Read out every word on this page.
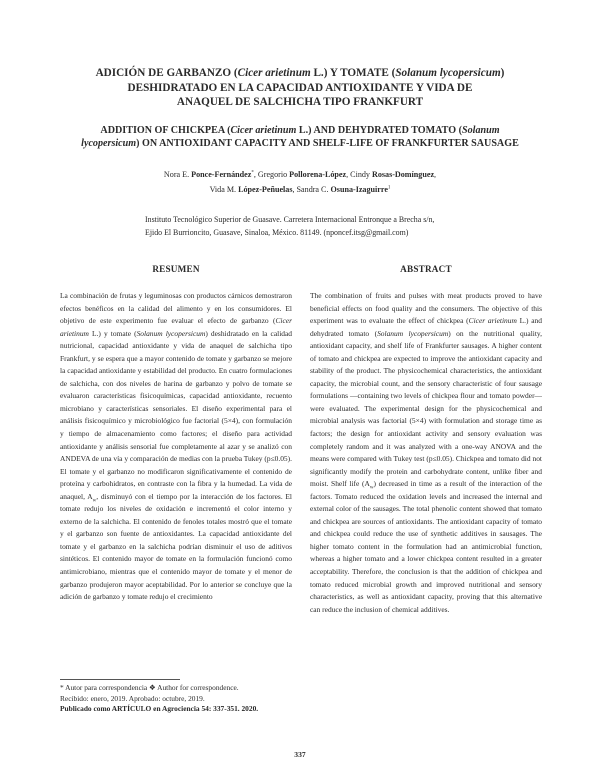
ADICIÓN DE GARBANZO (Cicer arietinum L.) Y TOMATE (Solanum lycopersicum)
DESHIDRATADO EN LA CAPACIDAD ANTIOXIDANTE Y VIDA DE
ANAQUEL DE SALCHICHA TIPO FRANKFURT
ADDITION OF CHICKPEA (Cicer arietinum L.) AND DEHYDRATED TOMATO (Solanum
lycopersicum) ON ANTIOXIDANT CAPACITY AND SHELF-LIFE OF FRANKFURTER SAUSAGE
Nora E. Ponce-Fernández*, Gregorio Pollorena-López, Cindy Rosas-Domínguez,
Vida M. López-Peñuelas, Sandra C. Osuna-Izaguirre$^1$
Instituto Tecnológico Superior de Guasave. Carretera Internacional Entronque a Brecha s/n,
Ejido El Burrioncito, Guasave, Sinaloa, México. 81149. (nponcef.itsg@gmail.com)
RESUMEN	ABSTRACT

La combinación de frutas y leguminosas con productos cárnicos demostraron efectos benéficos en la calidad del alimento y en los consumidores. El objetivo de este experimento fue evaluar el efecto de garbanzo (Cicer arietinum L.) y tomate (Solanum lycopersicum) deshidratado en la calidad nutricional, capacidad antioxidante y vida de anaquel de salchicha tipo Frankfurt, y se espera que a mayor contenido de tomate y garbanzo se mejore la capacidad antioxidante y estabilidad del producto. En cuatro formulaciones de salchicha, con dos niveles de harina de garbanzo y polvo de tomate se evaluaron características fisicoquímicas, capacidad antioxidante, recuento microbiano y características sensoriales. El diseño experimental para el análisis fisicoquímico y microbiológico fue factorial (5×4), con formulación y tiempo de almacenamiento como factores; el diseño para actividad antioxidante y análisis sensorial fue completamente al azar y se analizó con ANDEVA de una vía y comparación de medias con la prueba Tukey (p≤0.05). El tomate y el garbanzo no modificaron significativamente el contenido de proteína y carbohidratos, en contraste con la fibra y la humedad. La vida de anaquel, $A_w$, disminuyó con el tiempo por la interacción de los factores. El tomate redujo los niveles de oxidación e incrementó el color interno y externo de la salchicha. El contenido de fenoles totales mostró que el tomate y el garbanzo son fuente de antioxidantes. La capacidad antioxidante del tomate y el garbanzo en la salchicha podrían disminuir el uso de aditivos sintéticos. El contenido mayor de tomate en la formulación funcionó como antimicrobiano, mientras que el contenido mayor de tomate y el menor de garbanzo produjeron mayor aceptabilidad. Por lo anterior se concluye que la adición de garbanzo y tomate redujo el crecimiento

The combination of fruits and pulses with meat products proved to have beneficial effects on food quality and the consumers. The objective of this experiment was to evaluate the effect of chickpea (Cicer arietinum L.) and dehydrated tomato (Solanum lycopersicum) on the nutritional quality, antioxidant capacity, and shelf life of Frankfurter sausages. A higher content of tomato and chickpea are expected to improve the antioxidant capacity and stability of the product. The physicochemical characteristics, the antioxidant capacity, the microbial count, and the sensory characteristic of four sausage formulations —containing two levels of chickpea flour and tomato powder— were evaluated. The experimental design for the physicochemical and microbial analysis was factorial (5×4) with formulation and storage time as factors; the design for antioxidant activity and sensory evaluation was completely random and it was analyzed with a one-way ANOVA and the means were compared with Tukey test (p≤0.05). Chickpea and tomato did not significantly modify the protein and carbohydrate content, unlike fiber and moist. Shelf life $(A_w)$ decreased in time as a result of the interaction of the factors. Tomato reduced the oxidation levels and increased the internal and external color of the sausages. The total phenolic content showed that tomato and chickpea are sources of antioxidants. The antioxidant capacity of tomato and chickpea could reduce the use of synthetic additives in sausages. The higher tomato content in the formulation had an antimicrobial function, whereas a higher tomato and a lower chickpea content resulted in a greater acceptability. Therefore, the conclusion is that the addition of chickpea and tomato reduced microbial growth and improved nutritional and sensory characteristics, as well as antioxidant capacity, proving that this alternative can reduce the inclusion of chemical additives.

* Autor para correspondencia ❖ Author for correspondence.
Recibido: enero, 2019. Aprobado: octubre, 2019.
Publicado como ARTÍCULO en Agrociencia 54: 337-351. 2020.
337
